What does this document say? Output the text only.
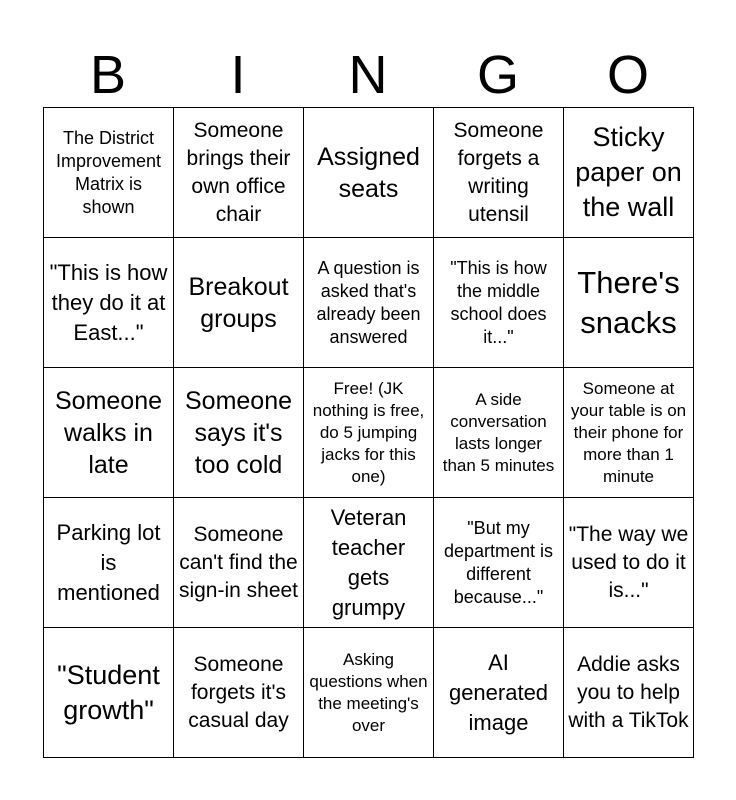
B	I	N	G	O
The District Improvement Matrix is shown	Someone brings their own office chair	Assigned seats	Someone forgets a writing utensil	Sticky paper on the wall
"This is how they do it at East..."	Breakout groups	A question is asked that's already been answered	"This is how the middle school does it..."	There's snacks
Someone walks in late	Someone says it's too cold	Free! (JK nothing is free, do 5 jumping jacks for this one)	A side conversation lasts longer than 5 minutes	Someone at your table is on their phone for more than 1 minute
Parking lot is mentioned	Someone can't find the sign-in sheet	Veteran teacher gets grumpy	"But my department is different because..."	"The way we used to do it is..."
"Student growth"	Someone forgets it's casual day	Asking questions when the meeting's over	AI generated image	Addie asks you to help with a TikTok
